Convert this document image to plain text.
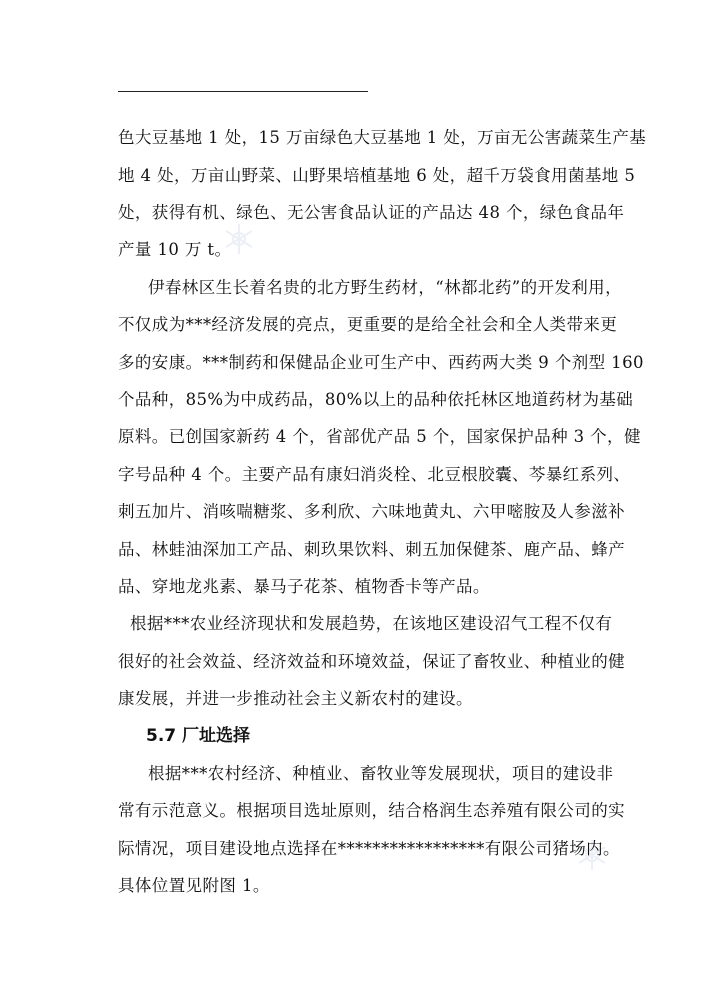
色大豆基地 1 处，15 万亩绿色大豆基地 1 处，万亩无公害蔬菜生产基
地 4 处，万亩山野菜、山野果培植基地 6 处，超千万袋食用菌基地 5
处，获得有机、绿色、无公害食品认证的产品达 48 个，绿色食品年
产量 10 万 t。
伊春林区生长着名贵的北方野生药材，“林都北药”的开发利用，
不仅成为***经济发展的亮点，更重要的是给全社会和全人类带来更
多的安康。***制药和保健品企业可生产中、西药两大类 9 个剂型 160
个品种，85%为中成药品，80%以上的品种依托林区地道药材为基础
原料。已创国家新药 4 个，省部优产品 5 个，国家保护品种 3 个，健
字号品种 4 个。主要产品有康妇消炎栓、北豆根胶囊、芩暴红系列、
刺五加片、消咳喘糖浆、多利欣、六味地黄丸、六甲嘧胺及人参滋补
品、林蛙油深加工产品、刺玖果饮料、刺五加保健茶、鹿产品、蜂产
品、穿地龙兆素、暴马子花茶、植物香卡等产品。
根据***农业经济现状和发展趋势，在该地区建设沼气工程不仅有
很好的社会效益、经济效益和环境效益，保证了畜牧业、种植业的健
康发展，并进一步推动社会主义新农村的建设。
5.7 厂址选择
根据***农村经济、种植业、畜牧业等发展现状，项目的建设非
常有示范意义。根据项目选址原则，结合格润生态养殖有限公司的实
际情况，项目建设地点选择在*****************有限公司猪场内。
具体位置见附图 1。
